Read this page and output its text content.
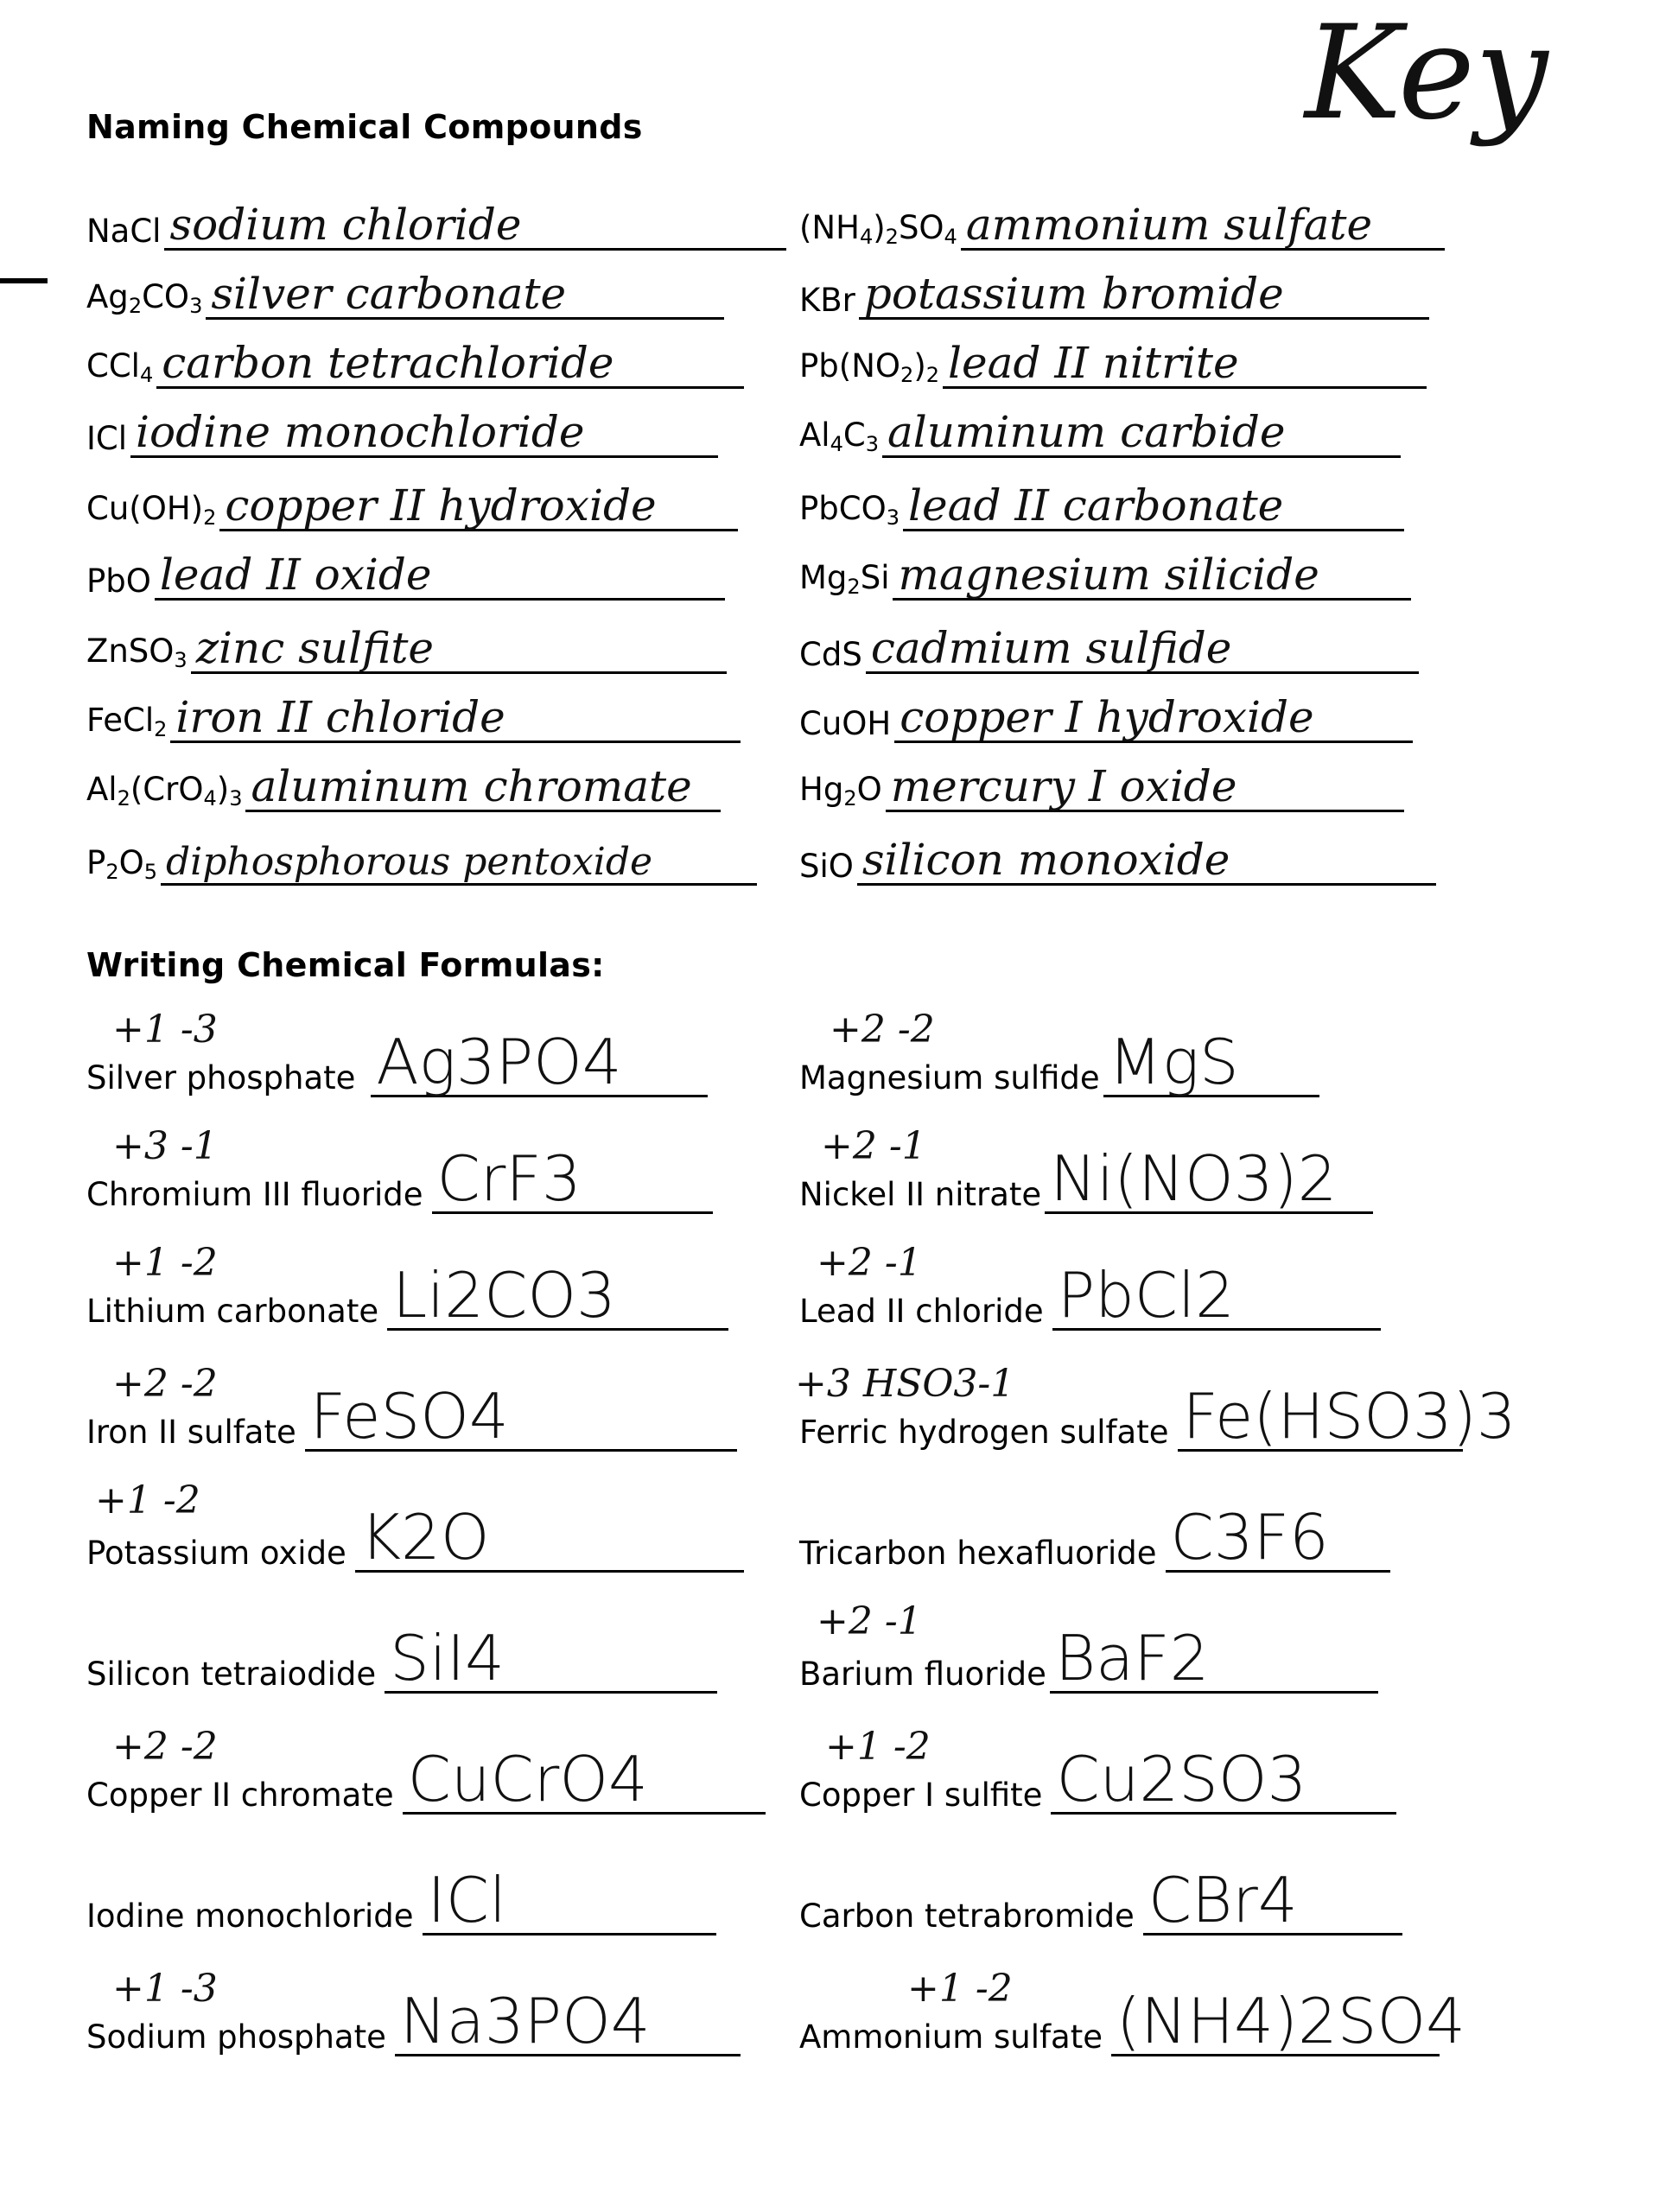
Key
Naming Chemical Compounds
NaCl sodium chloride
$Ag_2CO_3$ silver carbonate
CCl$_4$ carbon tetrachloride
ICl iodine monochloride
$Cu(OH)_2$ copper II hydroxide
PbO lead II oxide
ZnSO$_3$ zinc sulfite
FeCl$_2$ iron II chloride
$Al_2(CrO_4)_3$ aluminum chromate
$P_2O_5$ diphosphorous pentoxide
$(NH_4)_2SO_4$ ammonium sulfate
KBr potassium bromide
$Pb(NO_2)_2$ lead II nitrite
$Al_4C_3$ aluminum carbide
PbCO$_3$ lead II carbonate
$Mg_2Si$ magnesium silicide
CdS cadmium sulfide
CuOH copper I hydroxide
$Hg_2O$ mercury I oxide
SiO silicon monoxide
Writing Chemical Formulas:
+1 -3
Silver phosphate Ag3PO4
+3 -1
Chromium III fluoride CrF3
+1 -2
Lithium carbonate Li2CO3
+2 -2
Iron II sulfate FeSO4
+1 -2
Potassium oxide K2O
Silicon tetraiodide SiI4
+2 -2
Copper II chromate CuCrO4
Iodine monochloride ICl
+1 -3
Sodium phosphate Na3PO4
+2 -2
Magnesium sulfide MgS
+2 -1
Nickel II nitrate Ni(NO3)2
+2 -1
Lead II chloride PbCl2
+3 HSO3-1
Ferric hydrogen sulfate Fe(HSO3)3
Tricarbon hexafluoride C3F6
+2 -1
Barium fluoride BaF2
+1 -2
Copper I sulfite Cu2SO3
Carbon tetrabromide CBr4
+1 -2
Ammonium sulfate (NH4)2SO4
